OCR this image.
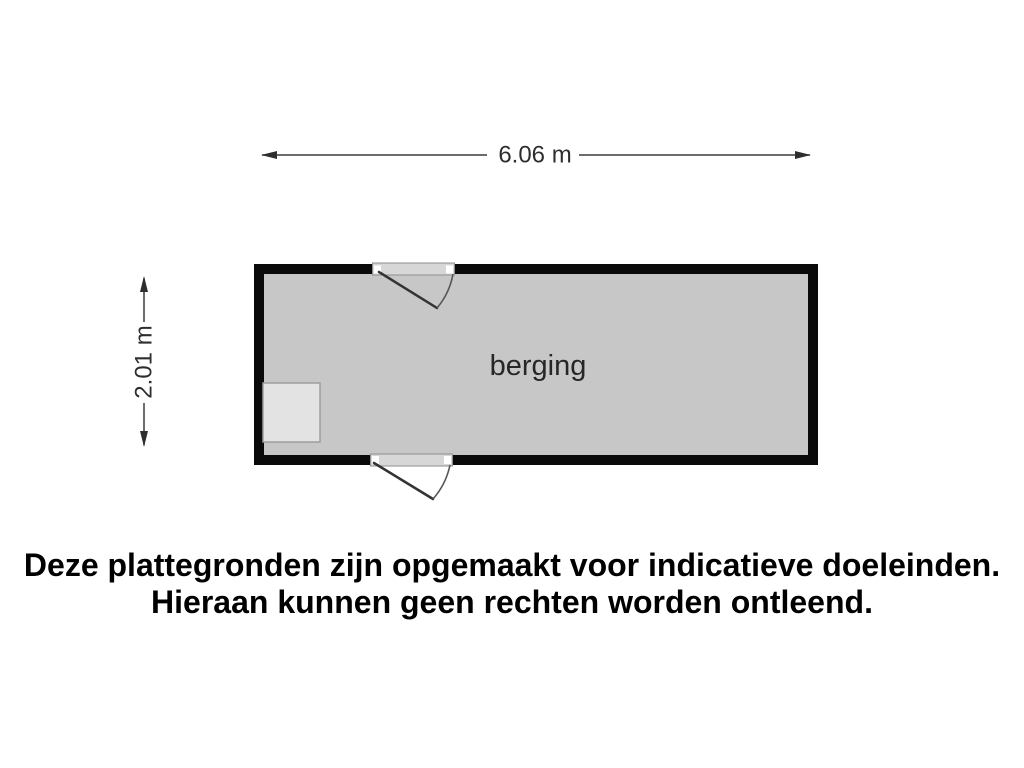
6.06 m
2.01 m	berging
Deze plattegronden zijn opgemaakt voor indicatieve doeleinden.
Hieraan kunnen geen rechten worden ontleend.
